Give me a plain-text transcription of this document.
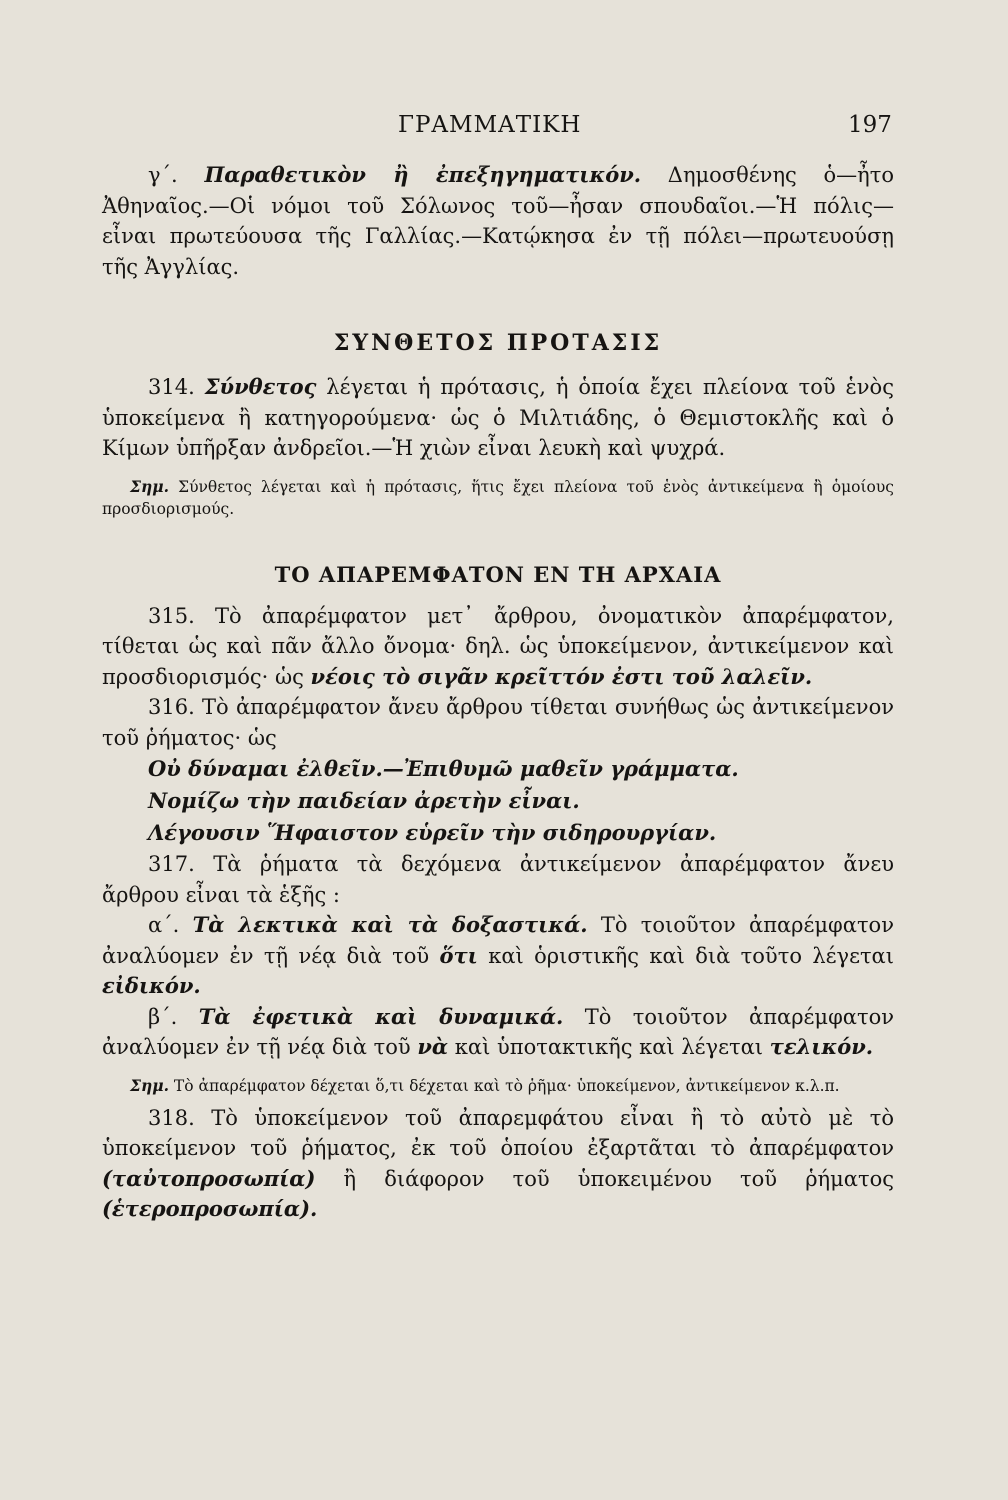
ΓΡΑΜΜΑΤΙΚΗ	197

γ΄. Παραθετικὸν ἢ ἐπεξηγηματικόν. Δημοσθένης ὁ—ἦτο Ἀθηναῖος.—Οἱ νόμοι τοῦ Σόλωνος τοῦ—ἦσαν σπουδαῖοι.—Ἡ πόλις— εἶναι πρωτεύουσα τῆς Γαλλίας.—Κατῴκησα ἐν τῇ πόλει—πρωτευούσῃ τῆς Ἀγγλίας.

ΣΥΝΘΕΤΟΣ ΠΡΟΤΑΣΙΣ

314. Σύνθετος λέγεται ἡ πρότασις, ἡ ὁποία ἔχει πλείονα τοῦ ἑνὸς ὑποκείμενα ἢ κατηγορούμενα· ὡς ὁ Μιλτιάδης, ὁ Θεμιστοκλῆς καὶ ὁ Κίμων ὑπῆρξαν ἀνδρεῖοι.—Ἡ χιὼν εἶναι λευκὴ καὶ ψυχρά.

Σημ. Σύνθετος λέγεται καὶ ἡ πρότασις, ἥτις ἔχει πλείονα τοῦ ἑνὸς ἀντικείμενα ἢ ὁμοίους προσδιορισμούς.

ΤΟ ΑΠΑΡΕΜΦΑΤΟΝ ΕΝ ΤΗ ΑΡΧΑΙΑ

315. Τὸ ἀπαρέμφατον μετ᾽ ἄρθρου, ὀνοματικὸν ἀπαρέμφατον, τίθεται ὡς καὶ πᾶν ἄλλο ὄνομα· δηλ. ὡς ὑποκείμενον, ἀντικείμενον καὶ προσδιορισμός· ὡς νέοις τὸ σιγᾶν κρεῖττόν ἐστι τοῦ λαλεῖν.

316. Τὸ ἀπαρέμφατον ἄνευ ἄρθρου τίθεται συνήθως ὡς ἀντικείμενον τοῦ ῥήματος· ὡς

Οὐ δύναμαι ἐλθεῖν.—Ἐπιθυμῶ μαθεῖν γράμματα.
Νομίζω τὴν παιδείαν ἀρετὴν εἶναι.
Λέγουσιν Ἥφαιστον εὑρεῖν τὴν σιδηρουργίαν.

317. Τὰ ῥήματα τὰ δεχόμενα ἀντικείμενον ἀπαρέμφατον ἄνευ ἄρθρου εἶναι τὰ ἑξῆς :

α΄. Τὰ λεκτικὰ καὶ τὰ δοξαστικά. Τὸ τοιοῦτον ἀπαρέμφατον ἀναλύομεν ἐν τῇ νέᾳ διὰ τοῦ ὅτι καὶ ὁριστικῆς καὶ διὰ τοῦτο λέγεται εἰδικόν.

β΄. Τὰ ἐφετικὰ καὶ δυναμικά. Τὸ τοιοῦτον ἀπαρέμφατον ἀναλύομεν ἐν τῇ νέᾳ διὰ τοῦ νὰ καὶ ὑποτακτικῆς καὶ λέγεται τελικόν.

Σημ. Τὸ ἀπαρέμφατον δέχεται ὅ,τι δέχεται καὶ τὸ ῥῆμα· ὑποκείμενον, ἀντικείμενον κ.λ.π.

318. Τὸ ὑποκείμενον τοῦ ἀπαρεμφάτου εἶναι ἢ τὸ αὐτὸ μὲ τὸ ὑποκείμενον τοῦ ῥήματος, ἐκ τοῦ ὁποίου ἐξαρτᾶται τὸ ἀπαρέμφατον (ταὐτοπροσωπία) ἢ διάφορον τοῦ ὑποκειμένου τοῦ ῥήματος (ἑτεροπροσωπία).
